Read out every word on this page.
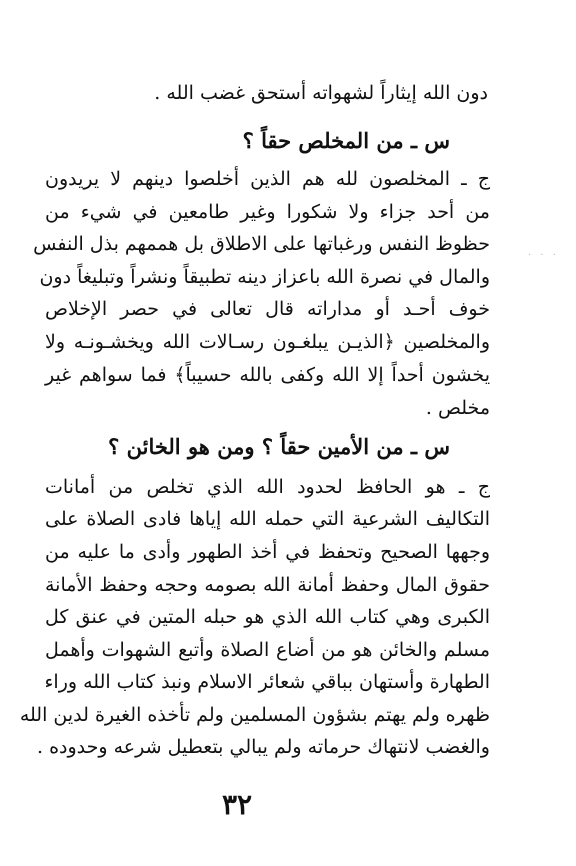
دون الله إيثاراً لشهواته أستحق غضب الله .
س ـ من المخلص حقاً ؟
ج ـ المخلصون لله هم الذين أخلصوا دينهم لا يريدون
من أحد جزاء ولا شكورا وغير طامعين في شيء من
حظوظ النفس ورغباتها على الاطلاق بل هممهم بذل النفس
والمال في نصرة الله باعزاز دينه تطبيقاً ونشراً وتبليغاً دون
خوف أحـد أو مداراته قال تعالى في حصر الإخلاص
والمخلصين ﴿الذيـن يبلغـون رسـالات الله ويخشـونـه ولا
يخشون أحداً إلا الله وكفى بالله حسيباً﴾ فما سواهم غير
مخلص .
س ـ من الأمين حقاً ؟ ومن هو الخائن ؟
ج ـ هو الحافظ لحدود الله الذي تخلص من أمانات
التكاليف الشرعية التي حمله الله إياها فادى الصلاة على
وجهها الصحيح وتحفظ في أخذ الطهور وأدى ما عليه من
حقوق المال وحفظ أمانة الله بصومه وحجه وحفظ الأمانة
الكبرى وهي كتاب الله الذي هو حبله المتين في عنق كل
مسلم والخائن هو من أضاع الصلاة وأتبع الشهوات وأهمل
الطهارة وأستهان بباقي شعائر الاسلام ونبذ كتاب الله وراء
ظهره ولم يهتم بشؤون المسلمين ولم تأخذه الغيرة لدين الله
والغضب لانتهاك حرماته ولم يبالي بتعطيل شرعه وحدوده .
٣٢
· · ·
